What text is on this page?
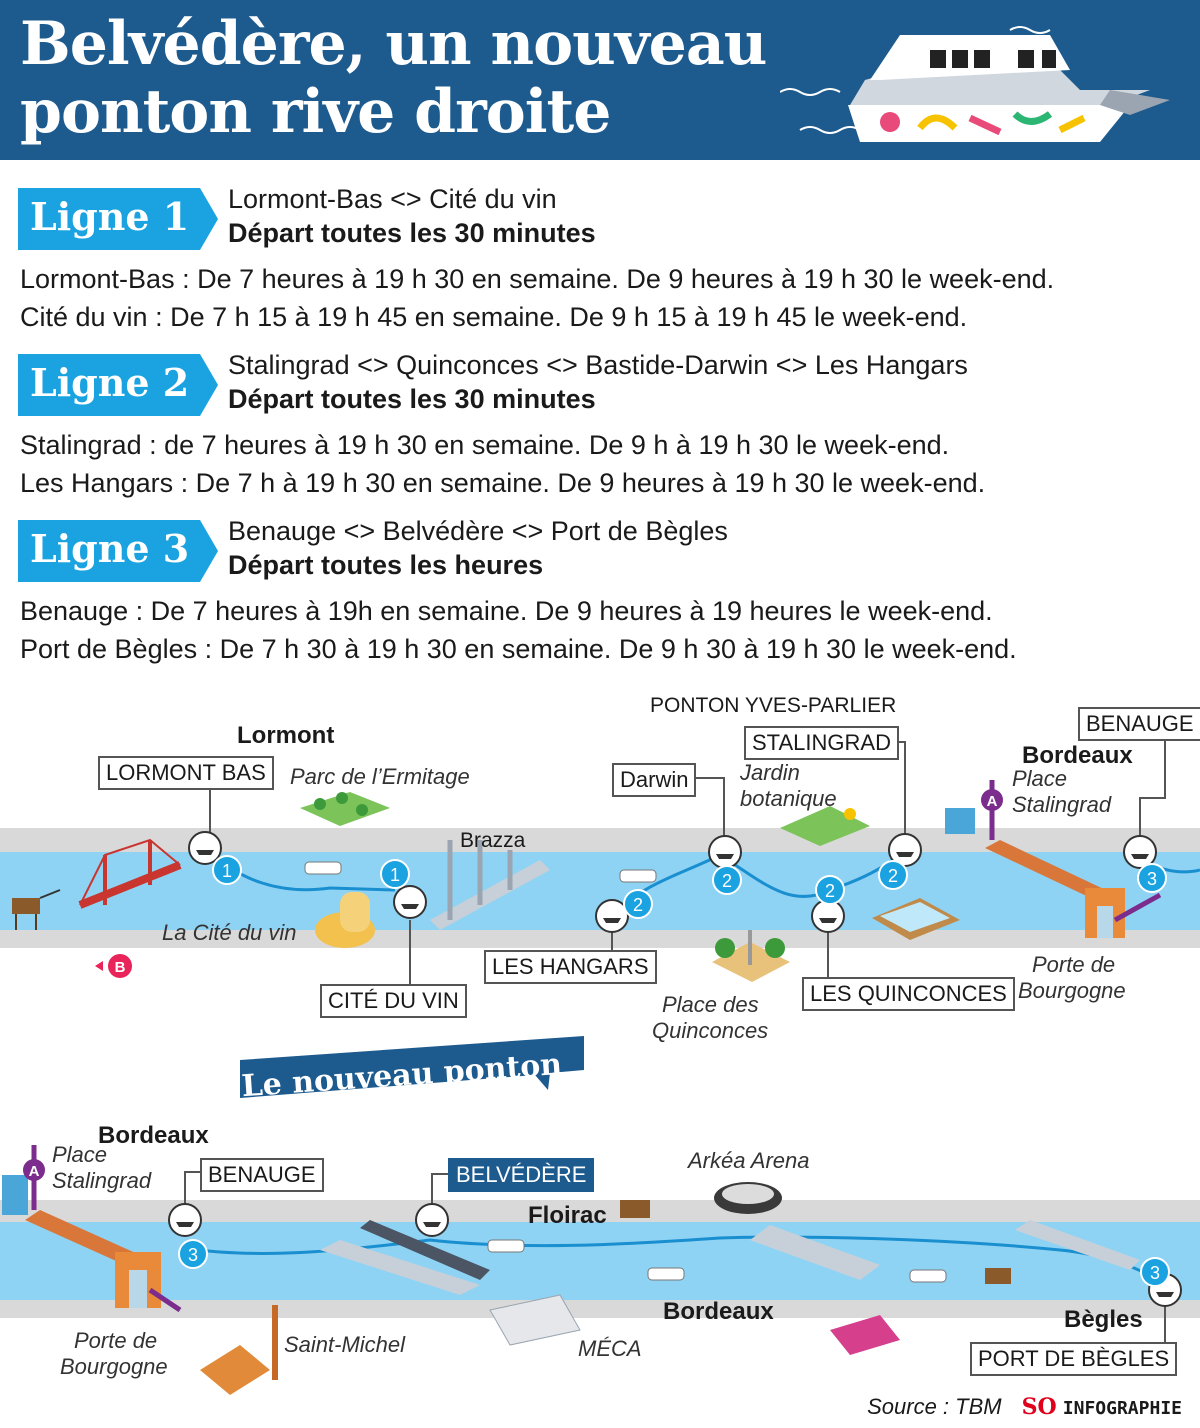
Belvédère, un nouveau ponton rive droite
Ligne 1 Lormont-Bas <> Cité du vin
Départ toutes les 30 minutes
Lormont-Bas : De 7 heures à 19 h 30 en semaine. De 9 heures à 19 h 30 le week-end.
Cité du vin : De 7 h 15 à 19 h 45 en semaine. De 9 h 15 à 19 h 45 le week-end.
Ligne 2 Stalingrad <> Quinconces <> Bastide-Darwin <> Les Hangars
Départ toutes les 30 minutes
Stalingrad : de 7 heures à 19 h 30 en semaine. De 9 h à 19 h 30 le week-end.
Les Hangars : De 7 h à 19 h 30 en semaine. De 9 heures à 19 h 30 le week-end.
Ligne 3 Benauge <> Belvédère <> Port de Bègles
Départ toutes les heures
Benauge : De 7 heures à 19h en semaine. De 9 heures à 19 heures le week-end.
Port de Bègles : De 7 h 30 à 19 h 30 en semaine. De 9 h 30 à 19 h 30 le week-end.
1	1
2
2	2
2	3
3
3
A
A
B
Lormont
LORMONT BAS	Parc de l’Ermitage
Brazza
La Cité du vin
CITÉ DU VIN
PONTON YVES-PARLIER
STALINGRAD
Darwin	Jardin
botanique
LES HANGARS
Place des
Quinconces
LES QUINCONCES
BENAUGE
Bordeaux
Place
Stalingrad
Porte de
Bourgogne
Le nouveau ponton
Bordeaux
Place
Stalingrad	BENAUGE	BELVÉDÈRE
Arkéa Arena
Floirac
Bordeaux	Bègles
PORT DE BÈGLES
Porte de
Bourgogne
Saint-Michel	MÉCA
Source : TBM SO INFOGRAPHIE
